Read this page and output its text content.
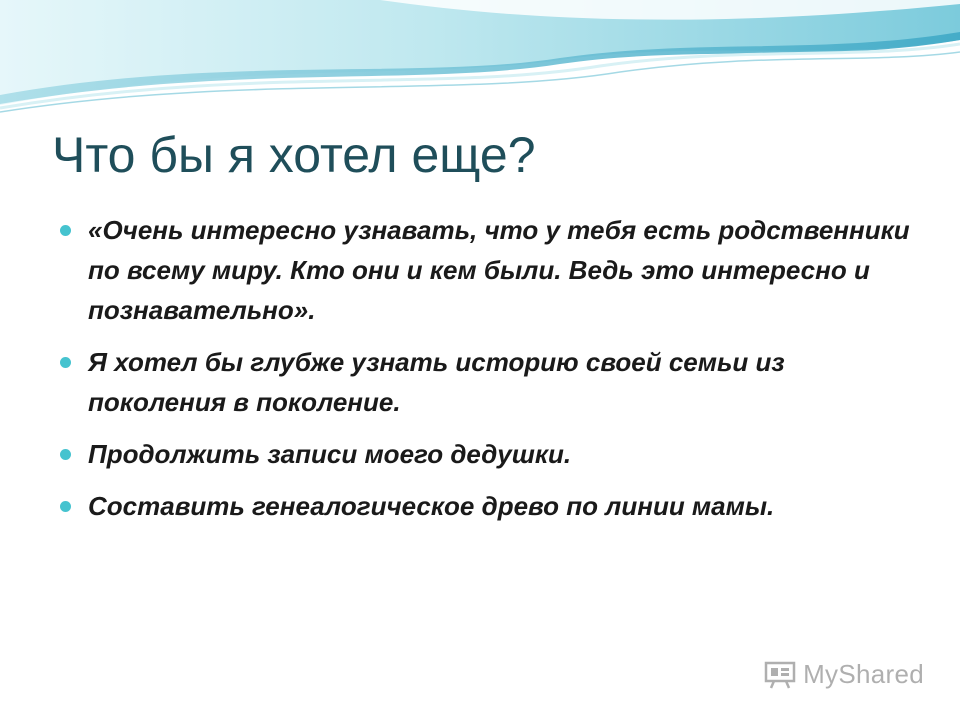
Что бы я хотел еще?
«Очень интересно узнавать, что у тебя есть родственники по всему миру. Кто они и кем были. Ведь это интересно и познавательно».
Я хотел бы глубже узнать историю своей семьи из поколения в поколение.
Продолжить записи моего дедушки.
Составить генеалогическое древо по линии мамы.
MyShared
